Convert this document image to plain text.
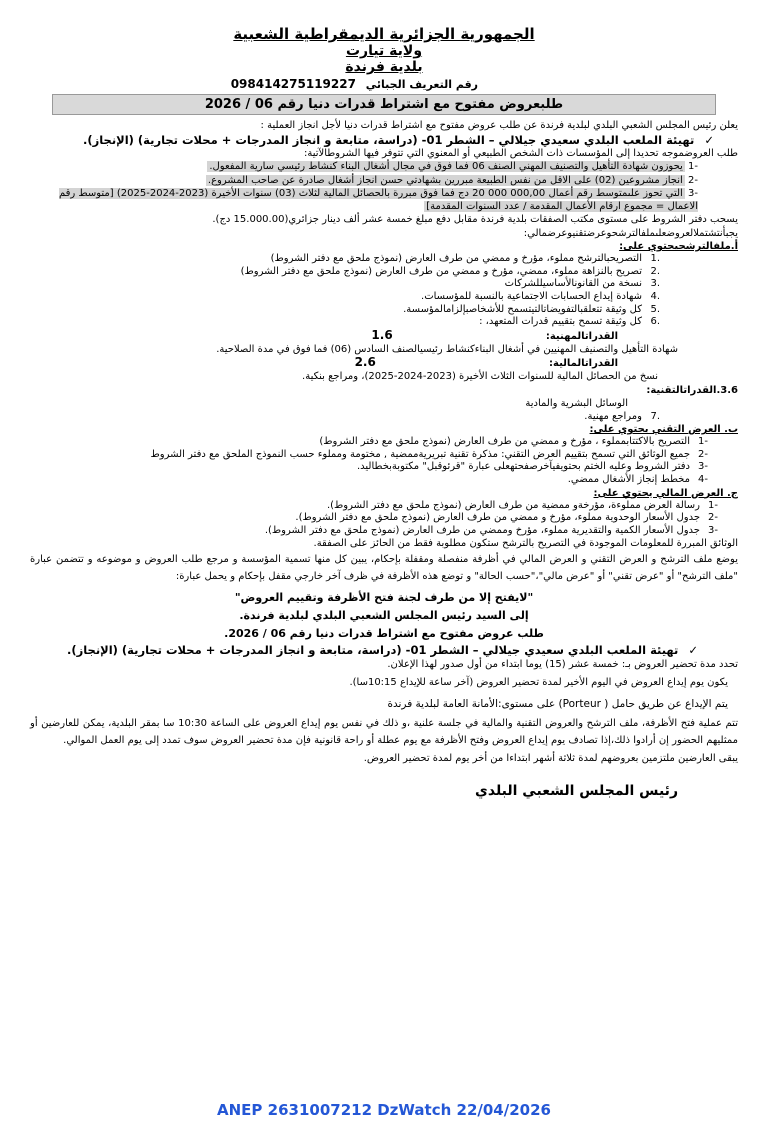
الجمهورية الجزائرية الديمقراطية الشعبية
ولاية تيارت
بلدية فرندة
رقم التعريف الجبائي 098414275119227
طلبعروض مفتوح مع اشتراط قدرات دنيا رقم 06 / 2026

يعلن رئيس المجلس الشعبي البلدي لبلدية فرندة عن طلب عروض مفتوح مع اشتراط قدرات دنيا لأجل انجاز العملية :

✓ تهيئة الملعب البلدي سعيدي جيلالي – الشطر 01- (دراسة، متابعة و انجاز المدرجات + محلات تجارية) (الإنجاز).

طلب العروضموجه تحديدا إلى المؤسسات ذات الشخص الطبيعي أو المعنوي التي تتوفر فيها الشروطالآتية:

-1 يحوزون شهادة التأهيل والتصنيف المهني الصنف 06 فما فوق في مجال أشغال البناء كنشاط رئيسي سارية المفعول.
-2 انجاز مشروعين (02) على الاقل من نفس الطبيعة مبررين بشهادتي حسن انجاز أشغال صادرة عن صاحب المشروع.
-3 التي تحوز علىمتوسط رقم أعمال 000,00 000 20 دج فما فوق مبررة بالحصائل المالية لثلاث (03) سنوات الأخيرة (2023-2024-2025) [متوسط رقم الاعمال = مجموع ارقام الأعمال المقدمة / عدد السنوات المقدمة]

يسحب دفتر الشروط على مستوى مكتب الصفقات بلدية فرندة مقابل دفع مبلغ خمسة عشر ألف دينار جزائري(15.000.00 دج).

يجبأنتشتملالعروضعلىملفالترشحوعرضتقنيوعرضمالي:

أ.ملفالترشحيحتوي على:
.1
التصريحبالترشح مملوء، مؤرخ و ممضي من طرف العارض (نموذج ملحق مع دفتر الشروط)
.2
تصريح بالنزاهة مملوء، ممضي، مؤرخ و ممضي من طرف العارض (نموذج ملحق مع دفتر الشروط)
.3
نسخة من القانونالأساسيللشركات
.4
شهادة إيداع الحسابات الاجتماعية بالنسبة للمؤسسات.
.5
كل وثيقة تتعلقبالتفويضاتالتيتسمح للأشخاصبإلزامالمؤسسة.
.6
كل وثيقة تسمح بتقييم قدرات المتعهد، :
القدراتالمهنية: 1.6
شهادة التأهيل والتصنيف المهنيين في أشغال البناءكنشاط رئيسيالصنف السادس (06) فما فوق في مدة الصلاحية.
القدراتالمالية: 2.6
نسخ من الحصائل المالية للسنوات الثلاث الأخيرة (2023-2024-2025)، ومراجع بنكية.
3.6.القدراتالتقنية:
الوسائل البشرية والمادية
.7ومراجع مهنية.
ب. العرض التقني يحتوي على:
-1
التصريح بالاكتتابمملوء ، مؤرخ و ممضي من طرف العارض (نموذج ملحق مع دفتر الشروط)
-2
جميع الوثائق التي تسمح بتقييم العرض التقني: مذكرة تقنية تبريريةممضية , مختومة ومملوء حسب النموذج الملحق مع دفتر الشروط
-3
دفتر الشروط وعليه الختم بحتويفيآخرصفحتهعلى عبارة "قرئوقبل" مكتوبةبخطاليد.
-4
مخطط إنجاز الأشغال ممضي.
ج. العرض المالي يحتوي على:
-1
رسالة العرض مملوءة، مؤرخةو ممضية من طرف العارض (نموذج ملحق مع دفتر الشروط).
-2
جدول الأسعار الوحدوية مملوء، مؤرخ و ممضي من طرف العارض (نموذج ملحق مع دفتر الشروط).
-3
جدول الأسعار الكمية والتقديرية مملوء، مؤرخ وممضي من طرف العارض (نموذج ملحق مع دفتر الشروط).

الوثائق المبررة للمعلومات الموجودة في التصريح بالترشح ستكون مطلوبة فقط من الحائز على الصفقة.

يوضع ملف الترشح و العرض التقني و العرض المالي في أظرفة منفصلة ومقفلة بإحكام، يبين كل منها تسمية المؤسسة و مرجع طلب العروض و موضوعه و تتضمن عبارة "ملف الترشح" أو "عرض تقني" أو "عرض مالي"،"حسب الحالة" و توضع هذه الأظرفة في ظرف آخر خارجي مقفل بإحكام و يحمل عبارة:

"لايفتح إلا من طرف لجنة فتح الأظرفة وتقييم العروض"
إلى السيد رئيس المجلس الشعبي البلدي لبلدية فرندة.
طلب عروض مفتوح مع اشتراط قدرات دنيا رقم 06 / 2026.
✓ تهيئة الملعب البلدي سعيدي جيلالي – الشطر 01- (دراسة، متابعة و انجاز المدرجات + محلات تجارية) (الإنجاز).

تحدد مدة تحضير العروض بـ: خمسة عشر (15) يوما ابتداء من أول صدور لهذا الإعلان.

يكون يوم إيداع العروض في اليوم الأخير لمدة تحضير العروض (آخر ساعة للإيداع 10:15سا).

يتم الإيداع عن طريق حامل ( Porteur) على مستوى:الأمانة العامة لبلدية فرندة

تتم عملية فتح الأظرفة، ملف الترشح والعروض التقنية والمالية في جلسة علنية ،و ذلك في نفس يوم إيداع العروض على الساعة 10:30 سا بمقر البلدية، يمكن للعارضين أو ممثليهم الحضور إن أرادوا ذلك،إذا تصادف يوم إيداع العروض وفتح الأظرفة مع يوم عطلة أو راحة قانونية فإن مدة تحضير العروض سوف تمدد إلى يوم العمل الموالي.

يبقى العارضين ملتزمين بعروضهم لمدة ثلاثة أشهر ابتداءا من أخر يوم لمدة تحضير العروض.

رئيس المجلس الشعبي البلدي
ANEP 2631007212 DzWatch 22/04/2026
